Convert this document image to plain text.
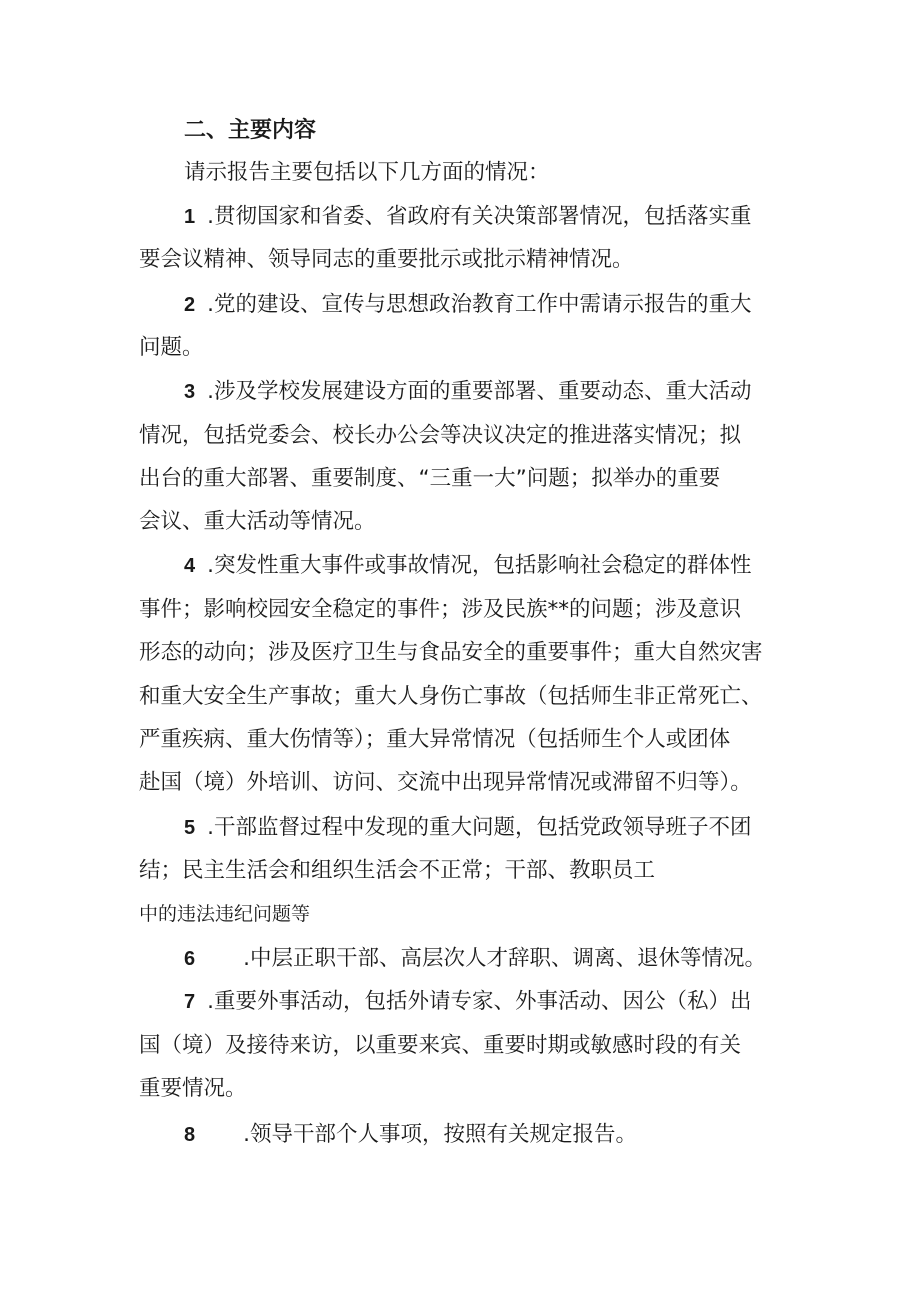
二、主要内容
请示报告主要包括以下几方面的情况：
1 .贯彻国家和省委、省政府有关决策部署情况，包括落实重
要会议精神、领导同志的重要批示或批示精神情况。
2 .党的建设、宣传与思想政治教育工作中需请示报告的重大
问题。
3 .涉及学校发展建设方面的重要部署、重要动态、重大活动
情况，包括党委会、校长办公会等决议决定的推进落实情况；拟
出台的重大部署、重要制度、“三重一大”问题；拟举办的重要
会议、重大活动等情况。
4 .突发性重大事件或事故情况，包括影响社会稳定的群体性
事件；影响校园安全稳定的事件；涉及民族**的问题；涉及意识
形态的动向；涉及医疗卫生与食品安全的重要事件；重大自然灾害
和重大安全生产事故；重大人身伤亡事故（包括师生非正常死亡、
严重疾病、重大伤情等）；重大异常情况（包括师生个人或团体
赴国（境）外培训、访问、交流中出现异常情况或滞留不归等）。
5 .干部监督过程中发现的重大问题，包括党政领导班子不团
结；民主生活会和组织生活会不正常；干部、教职员工
中的违法违纪问题等
6 .中层正职干部、高层次人才辞职、调离、退休等情况。
7 .重要外事活动，包括外请专家、外事活动、因公（私）出
国（境）及接待来访，以重要来宾、重要时期或敏感时段的有关
重要情况。
8 .领导干部个人事项，按照有关规定报告。
